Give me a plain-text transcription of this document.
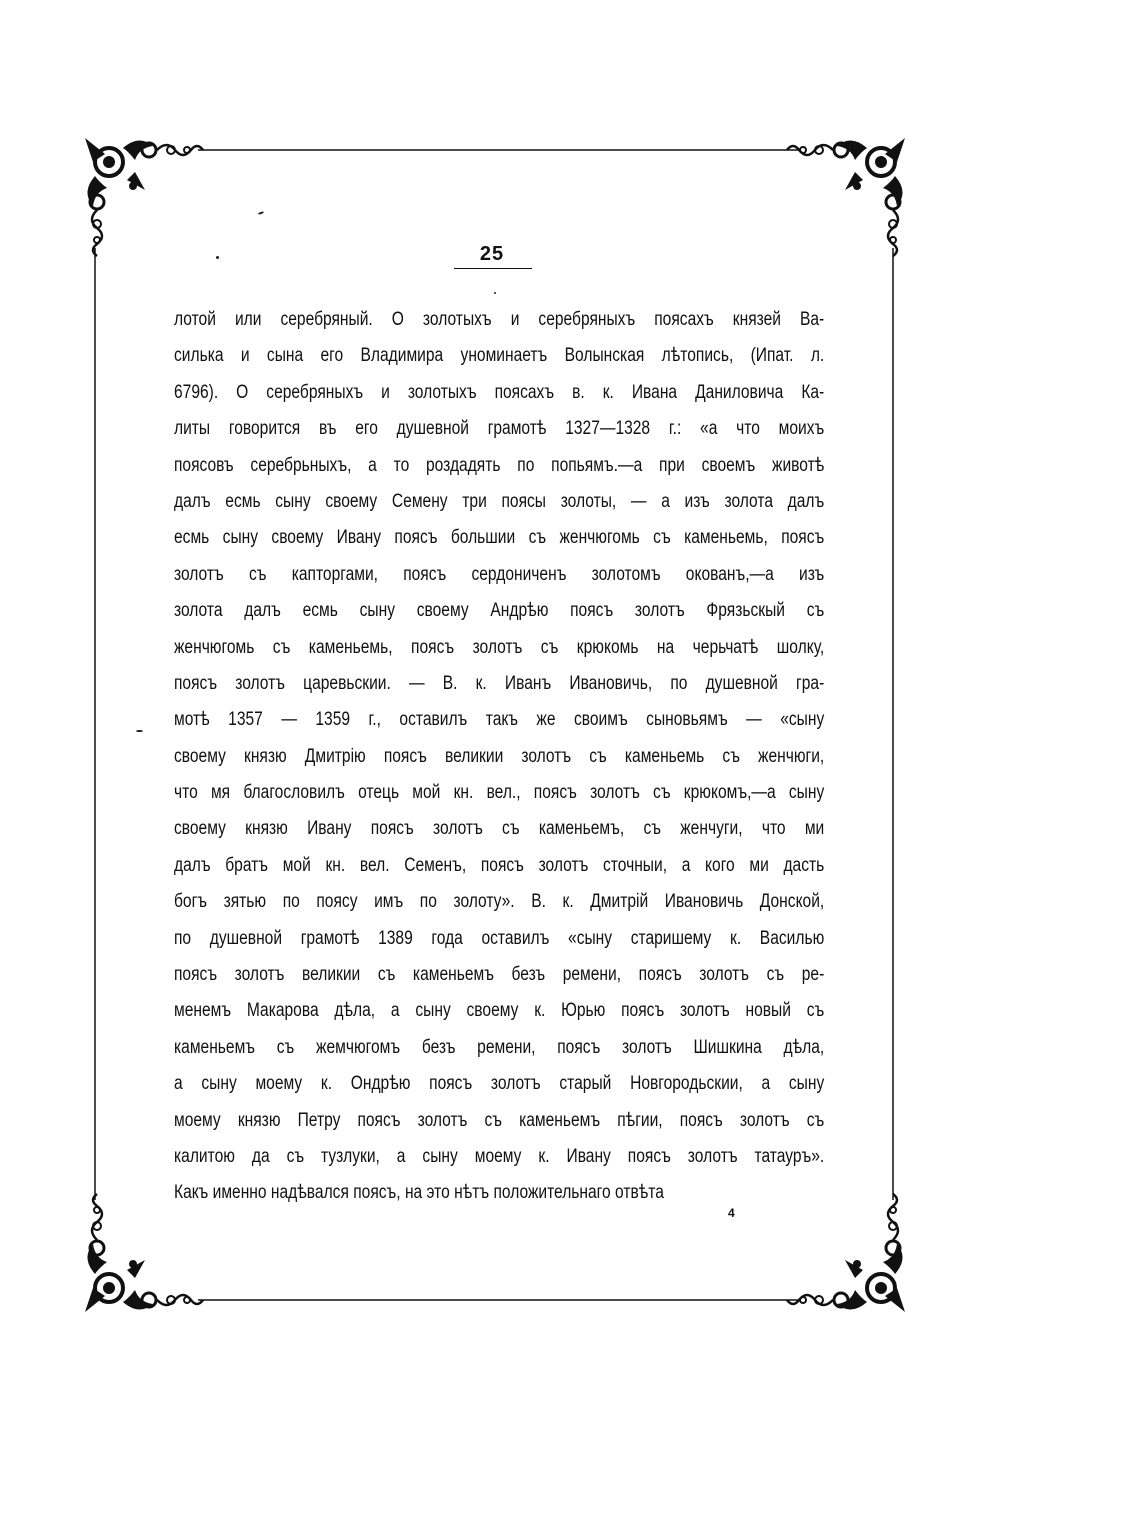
25
лотой или серебряный. О золотыхъ и серебряныхъ поясахъ князей Ва-
силька и сына его Владимира уноминаетъ Волынская лѣтопись, (Ипат. л.
6796). О серебряныхъ и золотыхъ поясахъ в. к. Ивана Даниловича Ка-
литы говорится въ его душевной грамотѣ 1327—1328 г.: «а что моихъ
поясовъ серебрьныхъ, а то роздадять по попьямъ.—а при своемъ животѣ
далъ есмь сыну своему Семену три поясы золоты, — а изъ золота далъ
есмь сыну своему Ивану поясъ большии съ женчюгомь съ каменьемь, поясъ
золотъ съ капторгами, поясъ сердониченъ золотомъ окованъ,—а изъ
золота далъ есмь сыну своему Андрѣю поясъ золотъ Фрязьскый съ
женчюгомь съ каменьемь, поясъ золотъ съ крюкомь на черьчатѣ шолку,
поясъ золотъ царевьскии. — В. к. Иванъ Ивановичь, по душевной гра-
мотѣ 1357 — 1359 г., оставилъ такъ же своимъ сыновьямъ — «сыну
своему князю Дмитрію поясъ великии золотъ съ каменьемь съ женчюги,
что мя благословилъ отець мой кн. вел., поясъ золотъ съ крюкомъ,—а сыну
своему князю Ивану поясъ золотъ съ каменьемъ, съ женчуги, что ми
далъ братъ мой кн. вел. Семенъ, поясъ золотъ сточныи, а кого ми дасть
богъ зятью по поясу имъ по золоту». В. к. Дмитрій Ивановичь Донской,
по душевной грамотѣ 1389 года оставилъ «сыну старишему к. Василью
поясъ золотъ великии съ каменьемъ безъ ремени, поясъ золотъ съ ре-
менемъ Макарова дѣла, а сыну своему к. Юрью поясъ золотъ новый съ
каменьемъ съ жемчюгомъ безъ ремени, поясъ золотъ Шишкина дѣла,
а сыну моему к. Ондрѣю поясъ золотъ старый Новгородьскии, а сыну
моему князю Петру поясъ золотъ съ каменьемъ пѣгии, поясъ золотъ съ
калитою да съ тузлуки, а сыну моему к. Ивану поясъ золотъ татауръ».
Какъ именно надѣвался поясъ, на это нѣтъ положительнаго отвѣта
4
